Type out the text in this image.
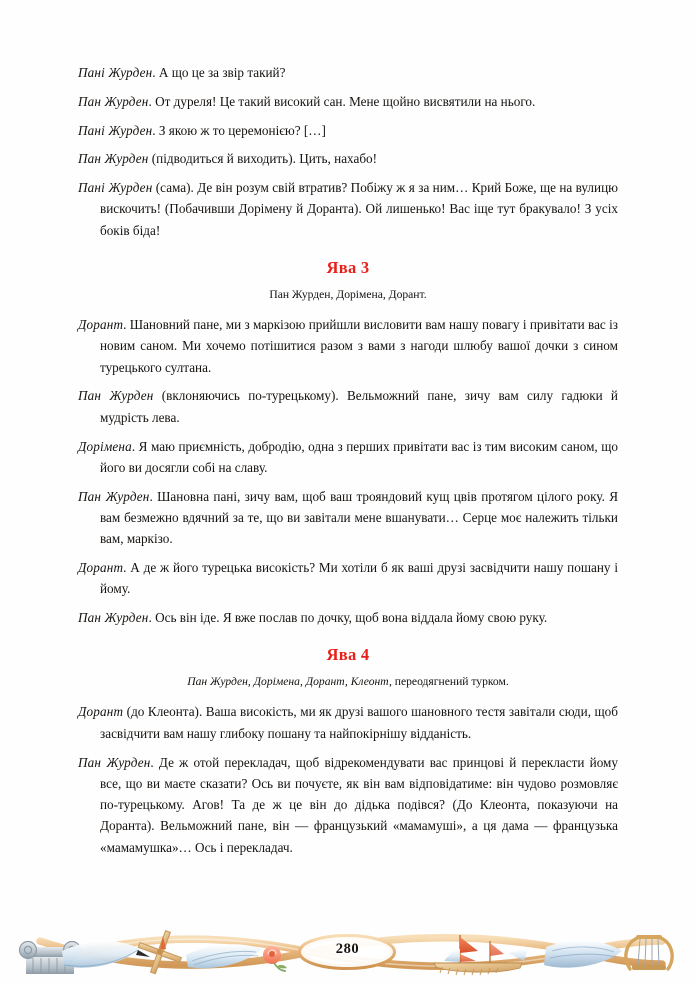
Пані Журден. А що це за звір такий?

Пан Журден. От дуреля! Це такий високий сан. Мене щойно висвятили на нього.

Пані Журден. З якою ж то церемонією? […]

Пан Журден (підводиться й виходить). Цить, нахабо!

Пані Журден (сама). Де він розум свій втратив? Побіжу ж я за ним… Крий Боже, ще на вулицю вискочить! (Побачивши Дорімену й Доранта). Ой лишенько! Вас іще тут бракувало! З усіх боків біда!

Ява 3

Пан Журден, Дорімена, Дорант.

Дорант. Шановний пане, ми з маркізою прийшли висловити вам нашу повагу і привітати вас із новим саном. Ми хочемо потішитися разом з вами з нагоди шлюбу вашої дочки з сином турецького султана.

Пан Журден (вклоняючись по-турецькому). Вельможний пане, зичу вам силу гадюки й мудрість лева.

Дорімена. Я маю приємність, добродію, одна з перших привітати вас із тим високим саном, що його ви досягли собі на славу.

Пан Журден. Шановна пані, зичу вам, щоб ваш трояндовий кущ цвів протягом цілого року. Я вам безмежно вдячний за те, що ви завітали мене вшанувати… Серце моє належить тільки вам, маркізо.

Дорант. А де ж його турецька високість? Ми хотіли б як ваші друзі засвідчити нашу пошану і йому.

Пан Журден. Ось він іде. Я вже послав по дочку, щоб вона віддала йому свою руку.

Ява 4

Пан Журден, Дорімена, Дорант, Клеонт, переодягнений турком.

Дорант (до Клеонта). Ваша високість, ми як друзі вашого шановного тестя завітали сюди, щоб засвідчити вам нашу глибоку пошану та найпокірнішу відданість.

Пан Журден. Де ж отой перекладач, щоб відрекомендувати вас принцові й перекласти йому все, що ви маєте сказати? Ось ви почуєте, як він вам відповідатиме: він чудово розмовляє по-турецькому. Агов! Та де ж це він до дідька подівся? (До Клеонта, показуючи на Доранта). Вельможний пане, він — французький «мамамуші», а ця дама — французька «мамамушка»… Ось і перекладач.

280
